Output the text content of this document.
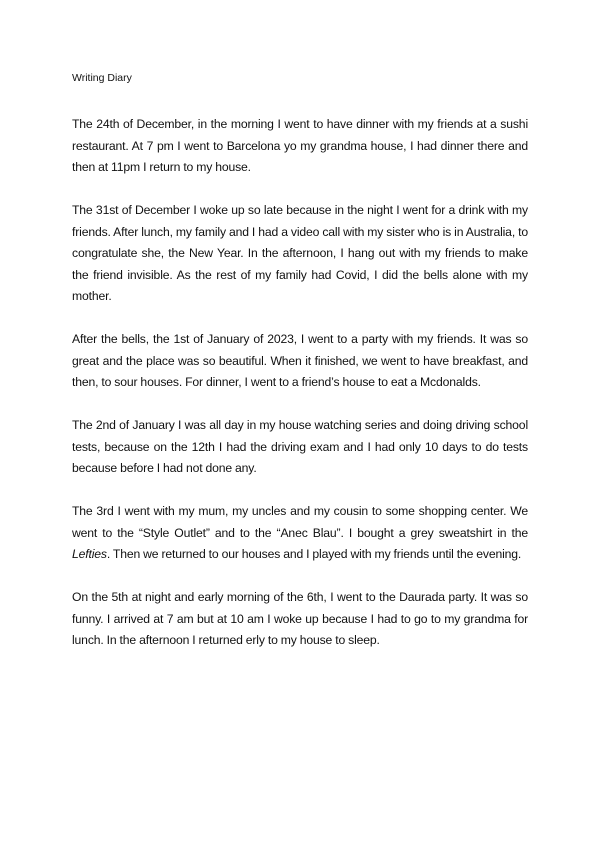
Writing Diary

The 24th of December, in the morning I went to have dinner with my friends at a sushi restaurant. At 7 pm I went to Barcelona yo my grandma house, I had dinner there and then at 11pm I return to my house.

The 31st of December I woke up so late because in the night I went for a drink with my friends. After lunch, my family and I had a video call with my sister who is in Australia, to congratulate she, the New Year. In the afternoon, I hang out with my friends to make the friend invisible. As the rest of my family had Covid, I did the bells alone with my mother.

After the bells, the 1st of January of 2023, I went to a party with my friends. It was so great and the place was so beautiful. When it finished, we went to have breakfast, and then, to sour houses. For dinner, I went to a friend’s house to eat a Mcdonalds.

The 2nd of January I was all day in my house watching series and doing driving school tests, because on the 12th I had the driving exam and I had only 10 days to do tests because before I had not done any.

The 3rd I went with my mum, my uncles and my cousin to some shopping center. We went to the “Style Outlet” and to the “Anec Blau”. I bought a grey sweatshirt in the Lefties. Then we returned to our houses and I played with my friends until the evening.

On the 5th at night and early morning of the 6th, I went to the Daurada party. It was so funny. I arrived at 7 am but at 10 am I woke up because I had to go to my grandma for lunch. In the afternoon I returned erly to my house to sleep.
